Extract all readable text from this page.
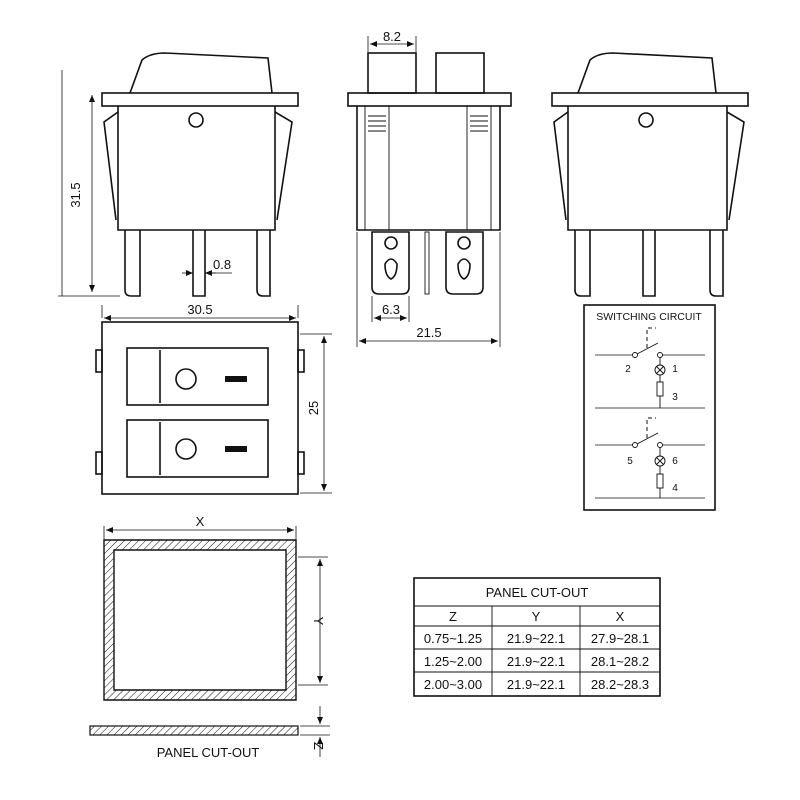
31.5
0.8
8.2
6.3
21.5
30.5
25
SWITCHING CIRCUIT
2	1
3
5	6
4
X
Y
Z
PANEL CUT-OUT
PANEL CUT-OUT
Z	Y	X
0.75~1.25 21.9~22.1 27.9~28.1
1.25~2.00 21.9~22.1 28.1~28.2
2.00~3.00 21.9~22.1 28.2~28.3
